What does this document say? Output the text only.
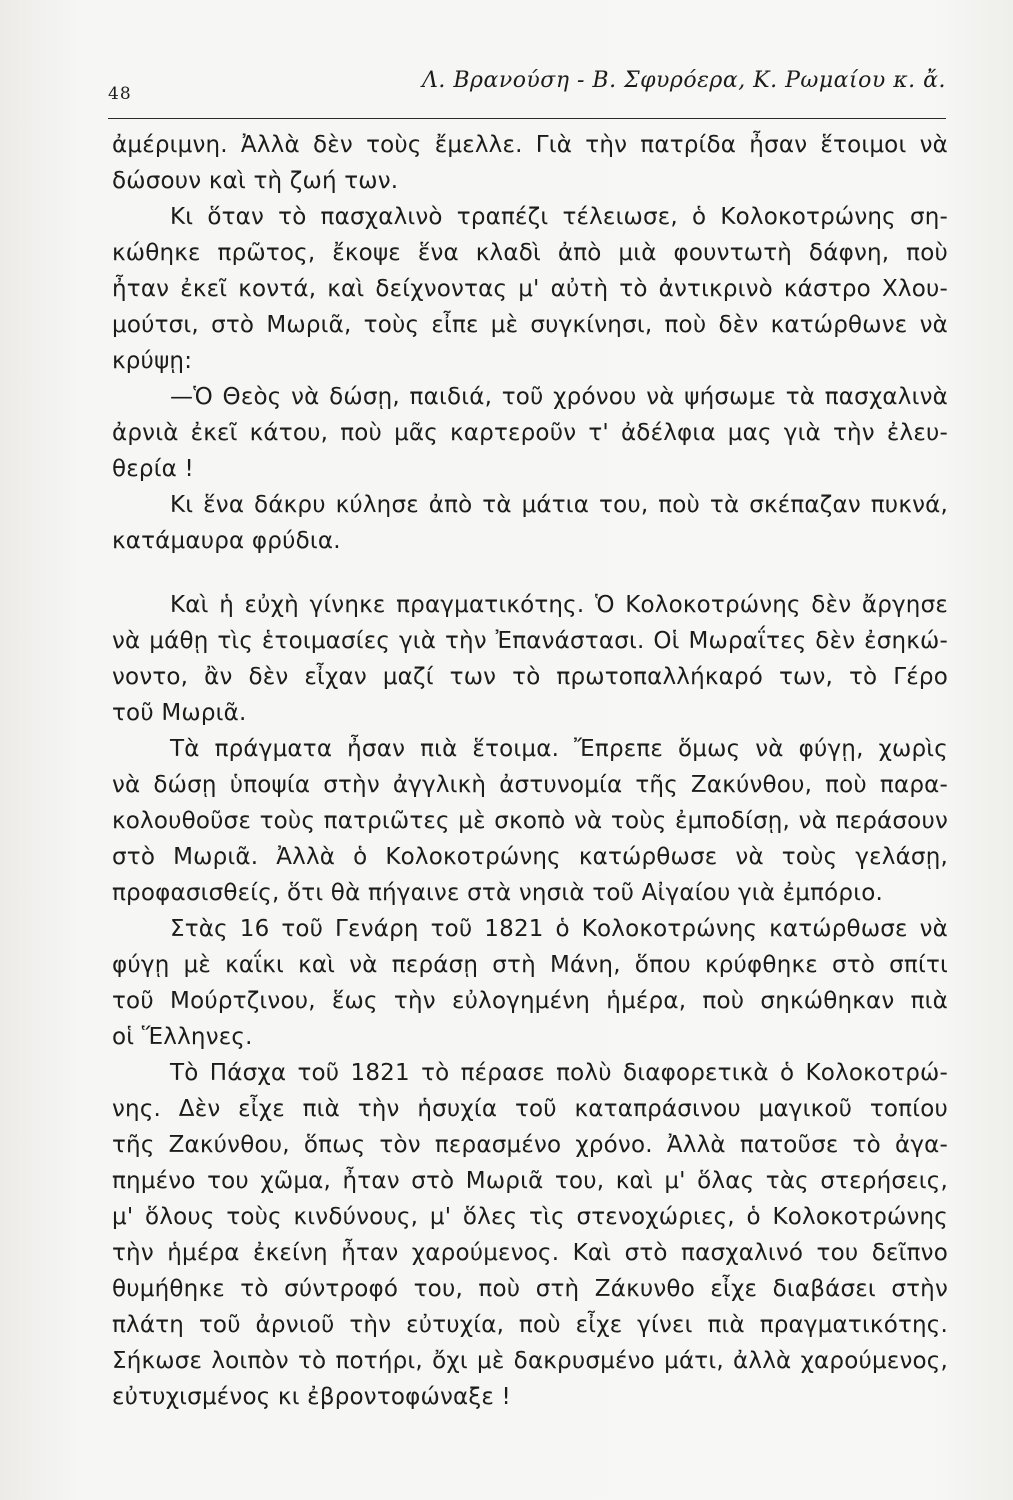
48
Λ. Βρανούση - Β. Σφυρόερα, Κ. Ρωμαίου κ. ἄ.
ἀμέριμνη. Ἀλλὰ δὲν τοὺς ἔμελλε. Γιὰ τὴν πατρίδα ἦσαν ἕτοιμοι νὰ
δώσουν καὶ τὴ ζωή των.
Κι ὅταν τὸ πασχαλινὸ τραπέζι τέλειωσε, ὁ Κολοκοτρώνης ση-
κώθηκε πρῶτος, ἔκοψε ἕνα κλαδὶ ἀπὸ μιὰ φουντωτὴ δάφνη, ποὺ
ἦταν ἐκεῖ κοντά, καὶ δείχνοντας μ' αὐτὴ τὸ ἀντικρινὸ κάστρο Χλου-
μούτσι, στὸ Μωριᾶ, τοὺς εἶπε μὲ συγκίνησι, ποὺ δὲν κατώρθωνε νὰ
κρύψῃ:
—Ὁ Θεὸς νὰ δώσῃ, παιδιά, τοῦ χρόνου νὰ ψήσωμε τὰ πασχαλινὰ
ἀρνιὰ ἐκεῖ κάτου, ποὺ μᾶς καρτεροῦν τ' ἀδέλφια μας γιὰ τὴν ἐλευ-
θερία !
Κι ἕνα δάκρυ κύλησε ἀπὸ τὰ μάτια του, ποὺ τὰ σκέπαζαν πυκνά,
κατάμαυρα φρύδια.
Καὶ ἡ εὐχὴ γίνηκε πραγματικότης. Ὁ Κολοκοτρώνης δὲν ἄργησε
νὰ μάθῃ τὶς ἑτοιμασίες γιὰ τὴν Ἐπανάστασι. Οἱ Μωραΐτες δὲν ἐσηκώ-
νοντο, ἂν δὲν εἶχαν μαζί των τὸ πρωτοπαλλήκαρό των, τὸ Γέρο
τοῦ Μωριᾶ.
Τὰ πράγματα ἦσαν πιὰ ἕτοιμα. Ἔπρεπε ὅμως νὰ φύγῃ, χωρὶς
νὰ δώσῃ ὑποψία στὴν ἀγγλικὴ ἀστυνομία τῆς Ζακύνθου, ποὺ παρα-
κολουθοῦσε τοὺς πατριῶτες μὲ σκοπὸ νὰ τοὺς ἐμποδίσῃ, νὰ περάσουν
στὸ Μωριᾶ. Ἀλλὰ ὁ Κολοκοτρώνης κατώρθωσε νὰ τοὺς γελάσῃ,
προφασισθείς, ὅτι θὰ πήγαινε στὰ νησιὰ τοῦ Αἰγαίου γιὰ ἐμπόριο.
Στὰς 16 τοῦ Γενάρη τοῦ 1821 ὁ Κολοκοτρώνης κατώρθωσε νὰ
φύγῃ μὲ καΐκι καὶ νὰ περάσῃ στὴ Μάνη, ὅπου κρύφθηκε στὸ σπίτι
τοῦ Μούρτζινου, ἕως τὴν εὐλογημένη ἡμέρα, ποὺ σηκώθηκαν πιὰ
οἱ Ἕλληνες.
Τὸ Πάσχα τοῦ 1821 τὸ πέρασε πολὺ διαφορετικὰ ὁ Κολοκοτρώ-
νης. Δὲν εἶχε πιὰ τὴν ἡσυχία τοῦ καταπράσινου μαγικοῦ τοπίου
τῆς Ζακύνθου, ὅπως τὸν περασμένο χρόνο. Ἀλλὰ πατοῦσε τὸ ἀγα-
πημένο του χῶμα, ἦταν στὸ Μωριᾶ του, καὶ μ' ὅλας τὰς στερήσεις,
μ' ὅλους τοὺς κινδύνους, μ' ὅλες τὶς στενοχώριες, ὁ Κολοκοτρώνης
τὴν ἡμέρα ἐκείνη ἦταν χαρούμενος. Καὶ στὸ πασχαλινό του δεῖπνο
θυμήθηκε τὸ σύντροφό του, ποὺ στὴ Ζάκυνθο εἶχε διαβάσει στὴν
πλάτη τοῦ ἀρνιοῦ τὴν εὐτυχία, ποὺ εἶχε γίνει πιὰ πραγματικότης.
Σήκωσε λοιπὸν τὸ ποτήρι, ὄχι μὲ δακρυσμένο μάτι, ἀλλὰ χαρούμενος,
εὐτυχισμένος κι ἐβροντοφώναξε !
